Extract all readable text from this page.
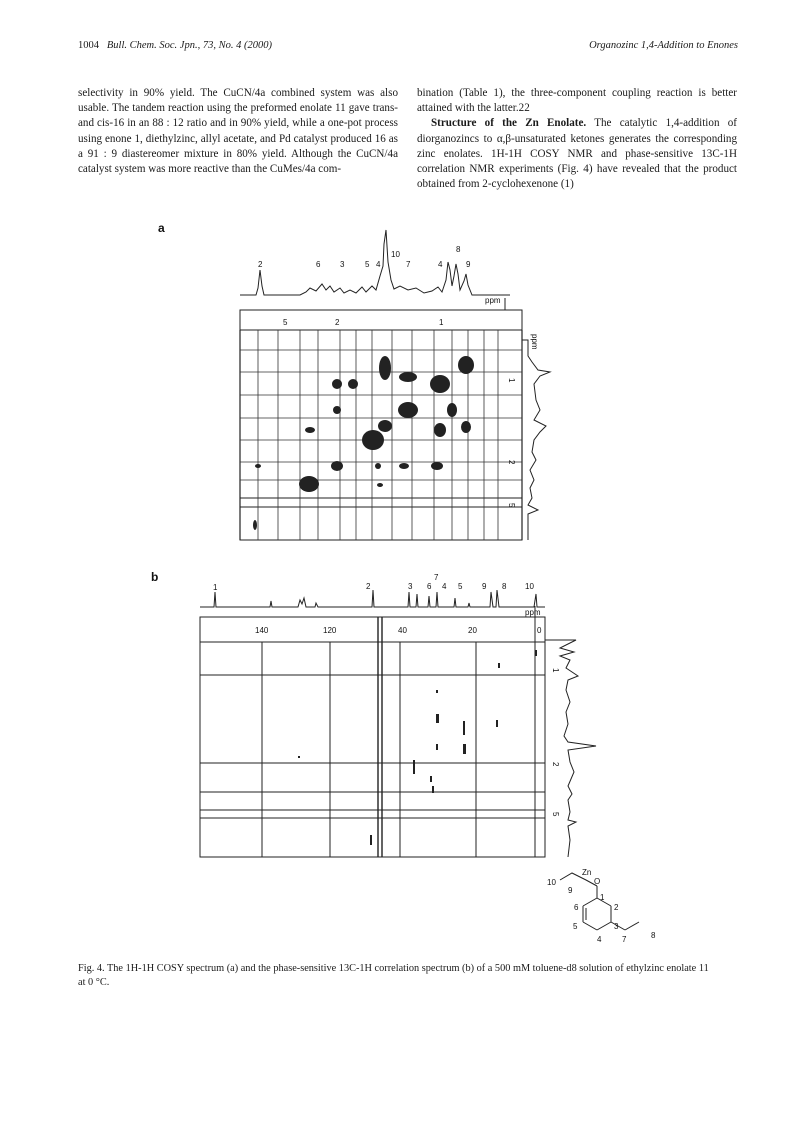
1004 Bull. Chem. Soc. Jpn., 73, No. 4 (2000)	Organozinc 1,4-Addition to Enones

selectivity in 90% yield. The CuCN/4a combined system was also usable. The tandem reaction using the preformed enolate 11 gave trans- and cis-16 in an 88 : 12 ratio and in 90% yield, while a one-pot process using enone 1, diethylzinc, allyl acetate, and Pd catalyst produced 16 as a 91 : 9 diastereomer mixture in 80% yield. Although the CuCN/4a catalyst system was more reactive than the CuMes/4a com-

bination (Table 1), the three-component coupling reaction is better attained with the latter.22

Structure of the Zn Enolate. The catalytic 1,4-addition of diorganozincs to α,β-unsaturated ketones generates the corresponding zinc enolates. 1H-1H COSY NMR and phase-sensitive 13C-1H correlation NMR experiments (Fig. 4) have revealed that the product obtained from 2-cyclohexenone (1)

a
2	6 3	5 4
10
7	4
8
9
ppm
5	2	1
ppm
1
2
5
b
1	2	3 6
7
4 5 9 8 10
ppm
140	120	40	20	0
1
2
5
Zn
O
10
9
1
2
6
3
5
4	7	8
Fig. 4. The 1H-1H COSY spectrum (a) and the phase-sensitive 13C-1H correlation spectrum (b) of a 500 mM toluene-d8 solution of ethylzinc enolate 11 at 0 °C.
